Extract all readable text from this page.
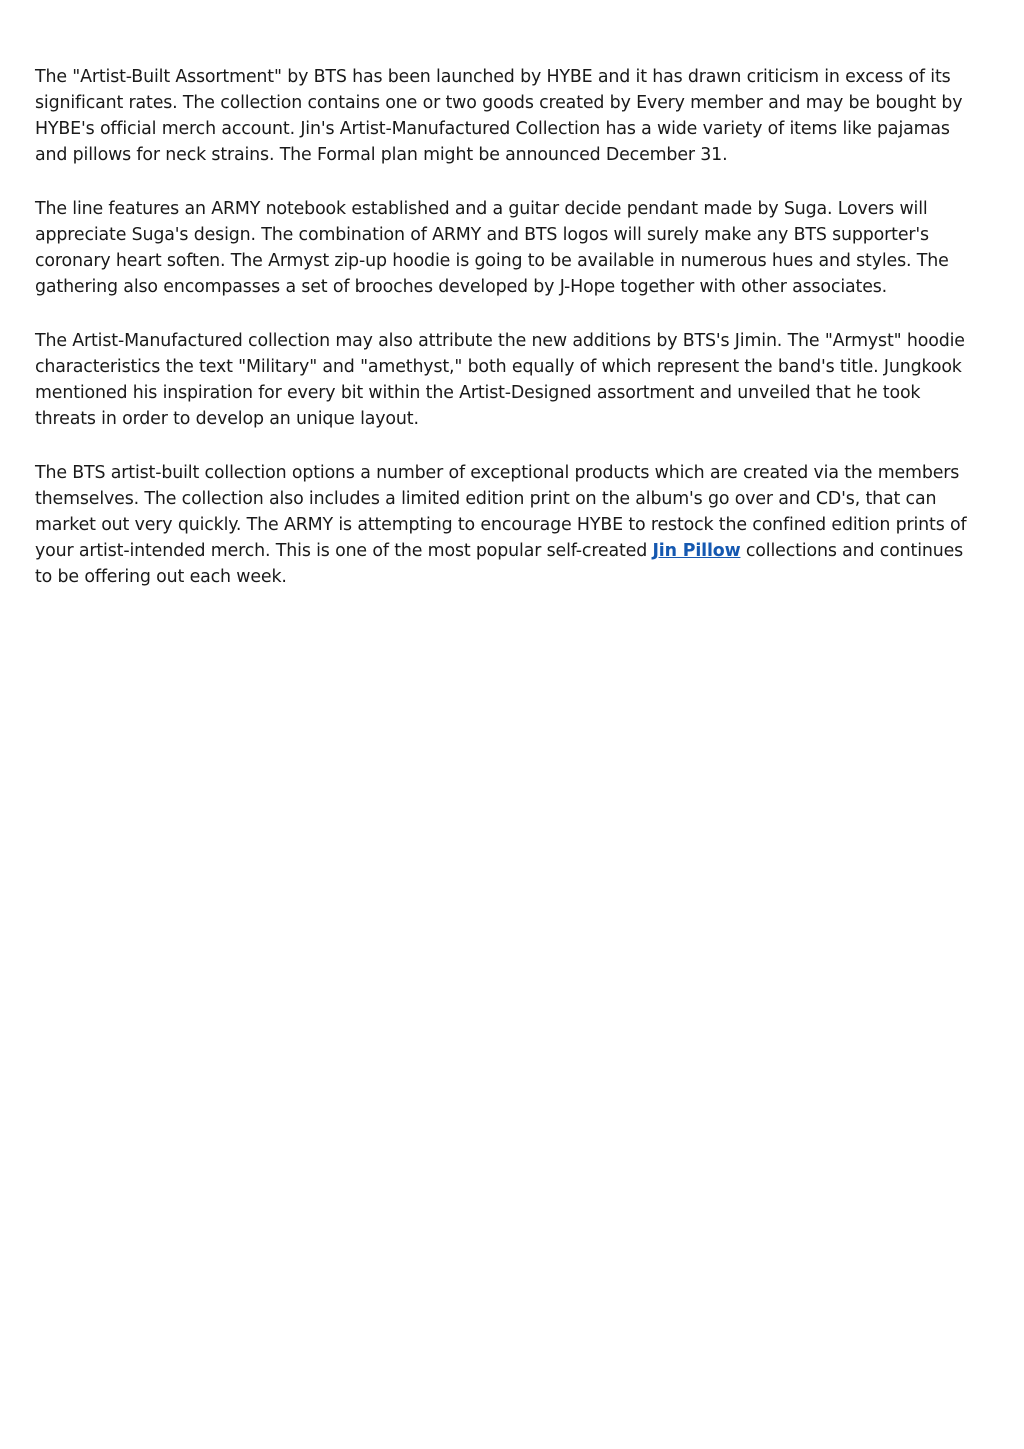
The "Artist-Built Assortment" by BTS has been launched by HYBE and it has drawn criticism in excess of its significant rates. The collection contains one or two goods created by Every member and may be bought by HYBE's official merch account. Jin's Artist-Manufactured Collection has a wide variety of items like pajamas and pillows for neck strains. The Formal plan might be announced December 31.

The line features an ARMY notebook established and a guitar decide pendant made by Suga. Lovers will appreciate Suga's design. The combination of ARMY and BTS logos will surely make any BTS supporter's coronary heart soften. The Armyst zip-up hoodie is going to be available in numerous hues and styles. The gathering also encompasses a set of brooches developed by J-Hope together with other associates.

The Artist-Manufactured collection may also attribute the new additions by BTS's Jimin. The "Armyst" hoodie characteristics the text "Military" and "amethyst," both equally of which represent the band's title. Jungkook mentioned his inspiration for every bit within the Artist-Designed assortment and unveiled that he took threats in order to develop an unique layout.

The BTS artist-built collection options a number of exceptional products which are created via the members themselves. The collection also includes a limited edition print on the album's go over and CD's, that can market out very quickly. The ARMY is attempting to encourage HYBE to restock the confined edition prints of your artist-intended merch. This is one of the most popular self-created Jin Pillow collections and continues to be offering out each week.
